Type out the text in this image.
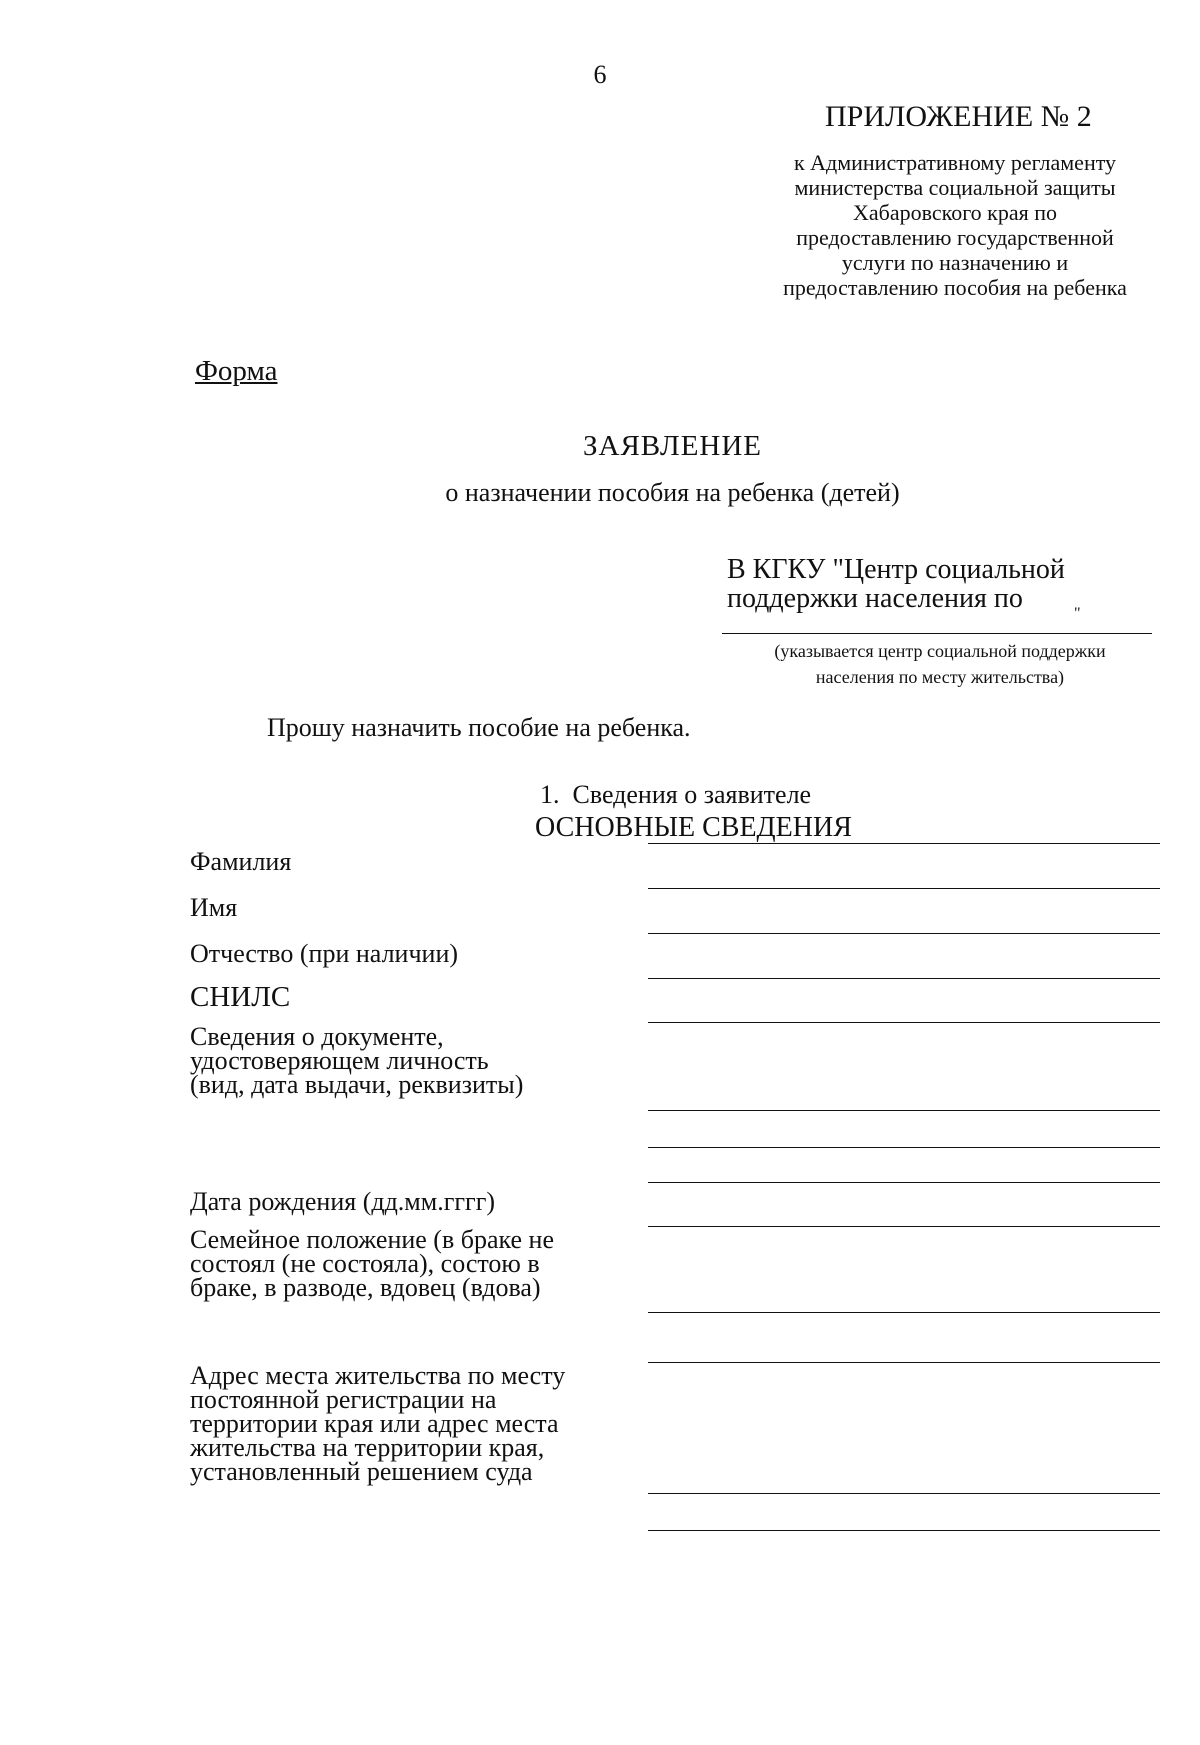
6
ПРИЛОЖЕНИЕ № 2
к Административному регламенту
министерства социальной защиты
Хабаровского края по
предоставлению государственной
услуги по назначению и
предоставлению пособия на ребенка
Форма
ЗАЯВЛЕНИЕ
о назначении пособия на ребенка (детей)
В КГКУ "Центр социальной
поддержки населения по	"
(указывается центр социальной поддержки
населения по месту жительства)
Прошу назначить пособие на ребенка.
1.  Сведения о заявителе
ОСНОВНЫЕ СВЕДЕНИЯ
Фамилия
Имя
Отчество (при наличии)
СНИЛС
Сведения о документе,
удостоверяющем личность
(вид, дата выдачи, реквизиты)
Дата рождения (дд.мм.гггг)
Семейное положение (в браке не
состоял (не состояла), состою в
браке, в разводе, вдовец (вдова)
Адрес места жительства по месту
постоянной регистрации на
территории края или адрес места
жительства на территории края,
установленный решением суда
